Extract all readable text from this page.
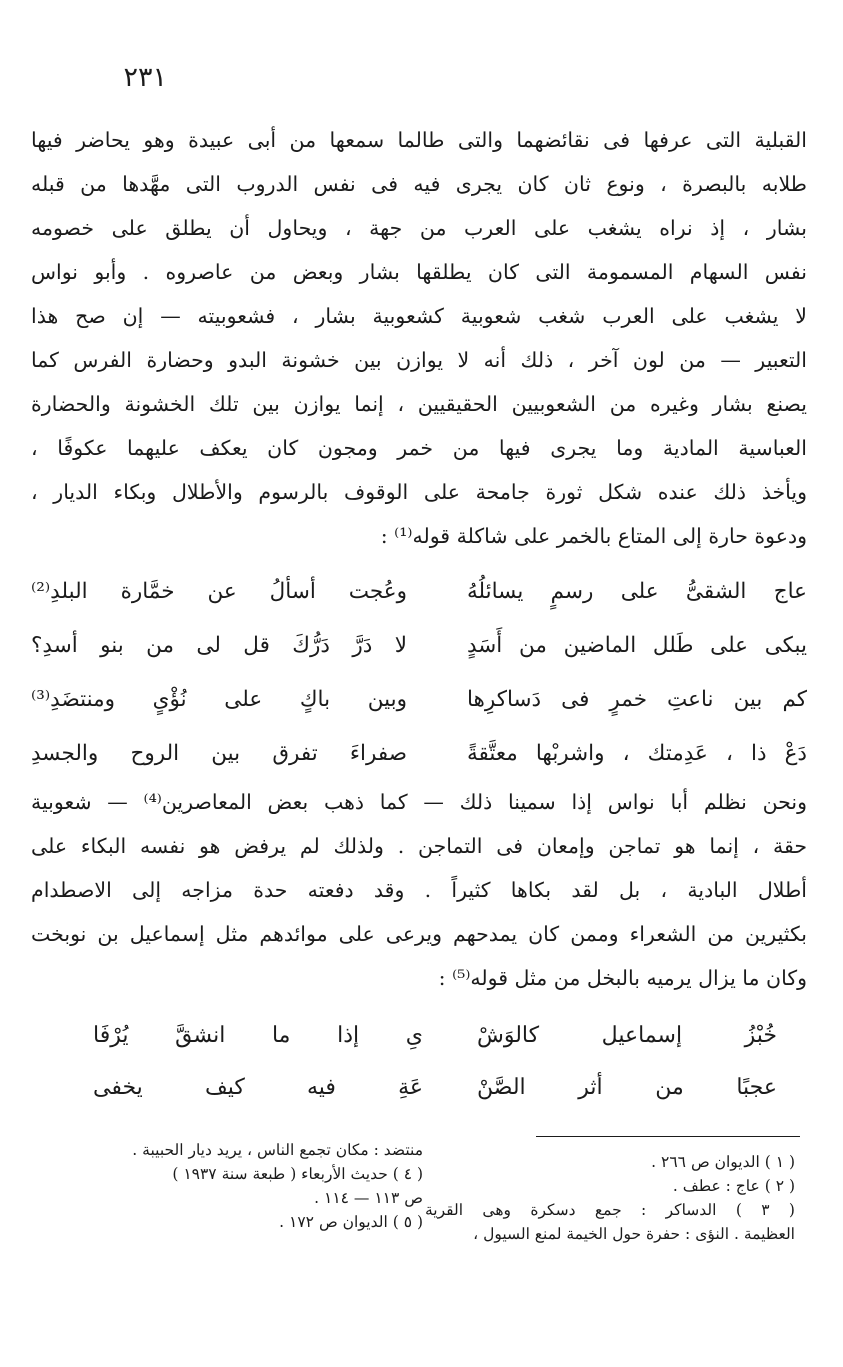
٢٣١
القبلية التى عرفها فى نقائضهما والتى طالما سمعها من أبى عبيدة وهو يحاضر فيها
طلابه بالبصرة ، ونوع ثان كان يجرى فيه فى نفس الدروب التى مهَّدها من قبله
بشار ، إذ نراه يشغب على العرب من جهة ، ويحاول أن يطلق على خصومه
نفس السهام المسمومة التى كان يطلقها بشار وبعض من عاصروه . وأبو نواس
لا يشغب على العرب شغب شعوبية كشعوبية بشار ، فشعوبيته — إن صح هذا
التعبير — من لون آخر ، ذلك أنه لا يوازن بين خشونة البدو وحضارة الفرس كما
يصنع بشار وغيره من الشعوبيين الحقيقيين ، إنما يوازن بين تلك الخشونة والحضارة
العباسية المادية وما يجرى فيها من خمر ومجون كان يعكف عليهما عكوفًا ،
ويأخذ ذلك عنده شكل ثورة جامحة على الوقوف بالرسوم والأطلال وبكاء الديار ،
ودعوة حارة إلى المتاع بالخمر على شاكلة قوله⁽¹⁾ :
عاج الشقىُّ على رسمٍ يسائلُهُ
وعُجت أسألُ عن خمَّارة البلدِ⁽²⁾
يبكى على طَلل الماضين من أَسَدٍ
لا دَرَّ دَرُّكَ قل لى من بنو أسدِ؟
كم بين ناعتِ خمرٍ فى دَساكرِها
وبين باكٍ على نُؤْىٍ ومنتضَدِ⁽³⁾
دَعْ ذا ، عَدِمتك ، واشربْها معتَّقةً
صفراءَ تفرق بين الروح والجسدِ
ونحن نظلم أبا نواس إذا سمينا ذلك — كما ذهب بعض المعاصرين⁽⁴⁾ — شعوبية
حقة ، إنما هو تماجن وإمعان فى التماجن . ولذلك لم يرفض هو نفسه البكاء على
أطلال البادية ، بل لقد بكاها كثيراً . وقد دفعته حدة مزاجه إلى الاصطدام
بكثيرين من الشعراء وممن كان يمدحهم ويرعى على موائدهم مثل إسماعيل بن نوبخت
وكان ما يزال يرميه بالبخل من مثل قوله⁽⁵⁾ :
خُبْزُ إسماعيل كالوَشْ
ىِ إذا ما انشقَّ يُرْفَا
عجبًا من أثر الصَّنْ
عَةِ فيه كيف يخفى
( ١ ) الديوان ص ٢٦٦ .
( ٢ ) عاج : عطف .
( ٣ ) الدساكر : جمع دسكرة وهى القرية
العظيمة . النؤى : حفرة حول الخيمة لمنع السيول ،
منتضد : مكان تجمع الناس ، يريد ديار الحبيبة .
( ٤ ) حديث الأربعاء ( طبعة سنة ١٩٣٧ )
ص ١١٣ — ١١٤ .
( ٥ ) الديوان ص ١٧٢ .
